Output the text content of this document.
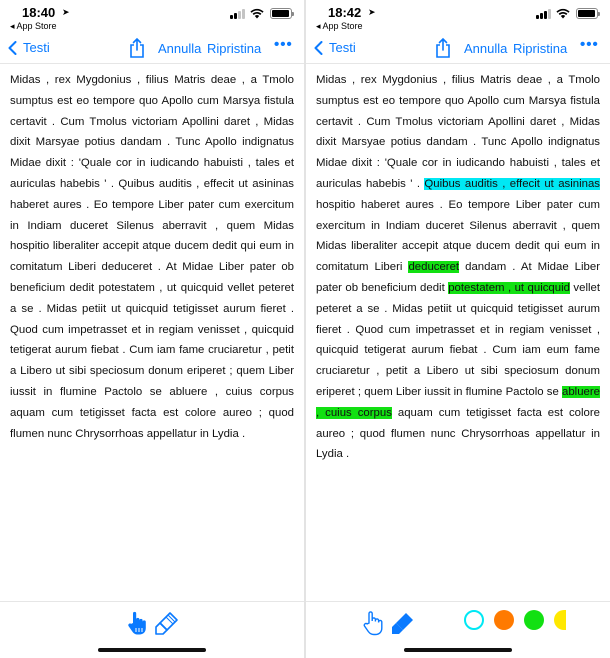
18:40 ➤
◂ App Store
Testi	Annulla Ripristina •••
Midas , rex Mygdonius , filius Matris deae , a Tmolo sumptus est eo tempore quo Apollo cum Marsya fistula certavit . Cum Tmolus victoriam Apollini daret , Midas dixit Marsyae potius dandam . Tunc Apollo indignatus Midae dixit : 'Quale cor in iudicando habuisti , tales et auriculas habebis ' . Quibus auditis , effecit ut asininas haberet aures . Eo tempore Liber pater cum exercitum in Indiam duceret Silenus aberravit , quem Midas hospitio liberaliter accepit atque ducem dedit qui eum in comitatum Liberi deduceret . At Midae Liber pater ob beneficium dedit potestatem , ut quicquid vellet peteret a se . Midas petiit ut quicquid tetigisset aurum fieret . Quod cum impetrasset et in regiam venisset , quicquid tetigerat aurum fiebat . Cum iam fame cruciaretur , petit a Libero ut sibi speciosum donum eriperet ; quem Liber iussit in flumine Pactolo se abluere , cuius corpus aquam cum tetigisset facta est colore aureo ; quod flumen nunc Chrysorrhoas appellatur in Lydia .
18:42 ➤
◂ App Store
Testi	Annulla Ripristina •••
Midas , rex Mygdonius , filius Matris deae , a Tmolo sumptus est eo tempore quo Apollo cum Marsya fistula certavit . Cum Tmolus victoriam Apollini daret , Midas dixit Marsyae potius dandam . Tunc Apollo indignatus Midae dixit : 'Quale cor in iudicando habuisti , tales et auriculas habebis ' . Quibus auditis , effecit ut asininas hospitio haberet aures . Eo tempore Liber pater cum exercitum in Indiam duceret Silenus aberravit , quem Midas liberaliter accepit atque ducem dedit qui eum in comitatum Liberi deduceret dandam . At Midae Liber pater ob beneficium dedit potestatem , ut quicquid vellet peteret a se . Midas petiit ut quicquid tetigisset aurum fieret . Quod cum impetrasset et in regiam venisset , quicquid tetigerat aurum fiebat . Cum iam eum fame cruciaretur , petit a Libero ut sibi speciosum donum eriperet ; quem Liber iussit in flumine Pactolo se abluere , cuius corpus aquam cum tetigisset facta est colore aureo ; quod flumen nunc Chrysorrhoas appellatur in Lydia .
